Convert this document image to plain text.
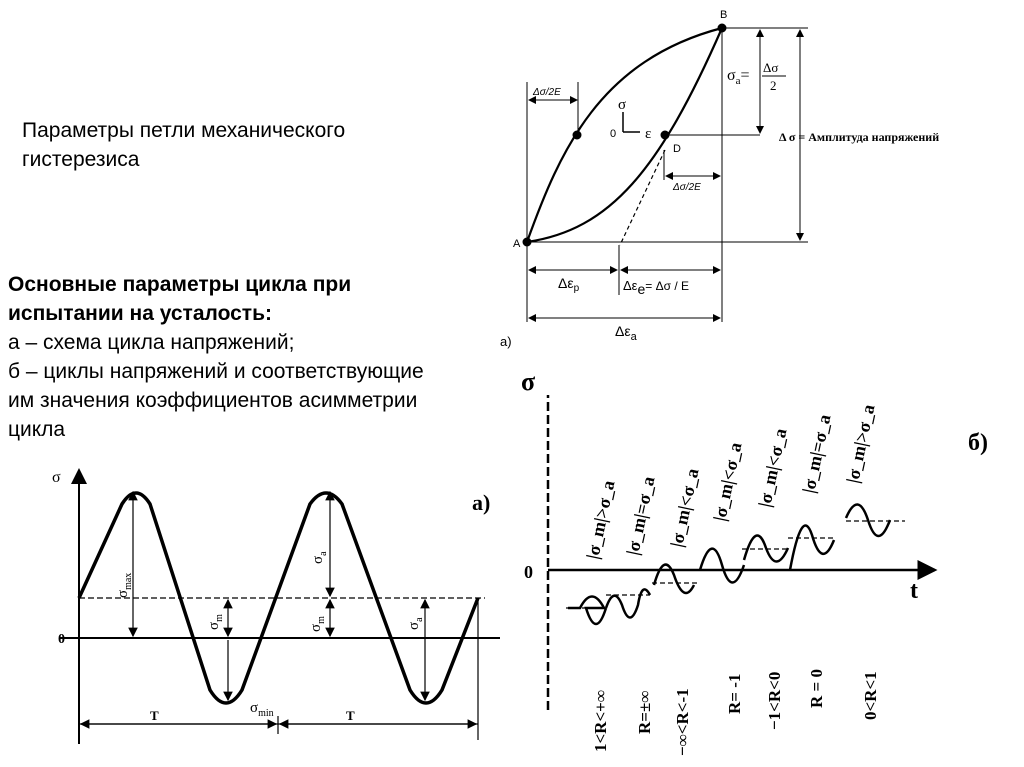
Параметры петли механического
гистерезиса
Основные параметры цикла при
испытании на усталость:
а – схема цикла напряжений;
б – циклы напряжений и соответствующие
им значения коэффициентов асимметрии
цикла
B
A
D
σ
0 ε
Δσ/2E
Δσ/2E
$\sigma_a= \Delta\sigma$
2
Δ σ = Амплитуда напряжений
$\Delta\varepsilon_p$	Δεe= Δσ / E
$\Delta\varepsilon_a$
a)
а)
σ
0
$\sigma_{max}$
$\sigma_m$
$\sigma_a$
$\sigma_m$
$\sigma_a$
$\sigma_{min}$
T	T
б)
σ
0
t
|σ_m|>σ_a |σ_m|=σ_a |σ_m|<σ_a |σ_m|<σ_a |σ_m|<σ_a |σ_m|=σ_a |σ_m|>σ_a
1<R<+∞ R=±∞ −∞<R<-1 R= -1 −1<R<0 R = 0 0<R<1
